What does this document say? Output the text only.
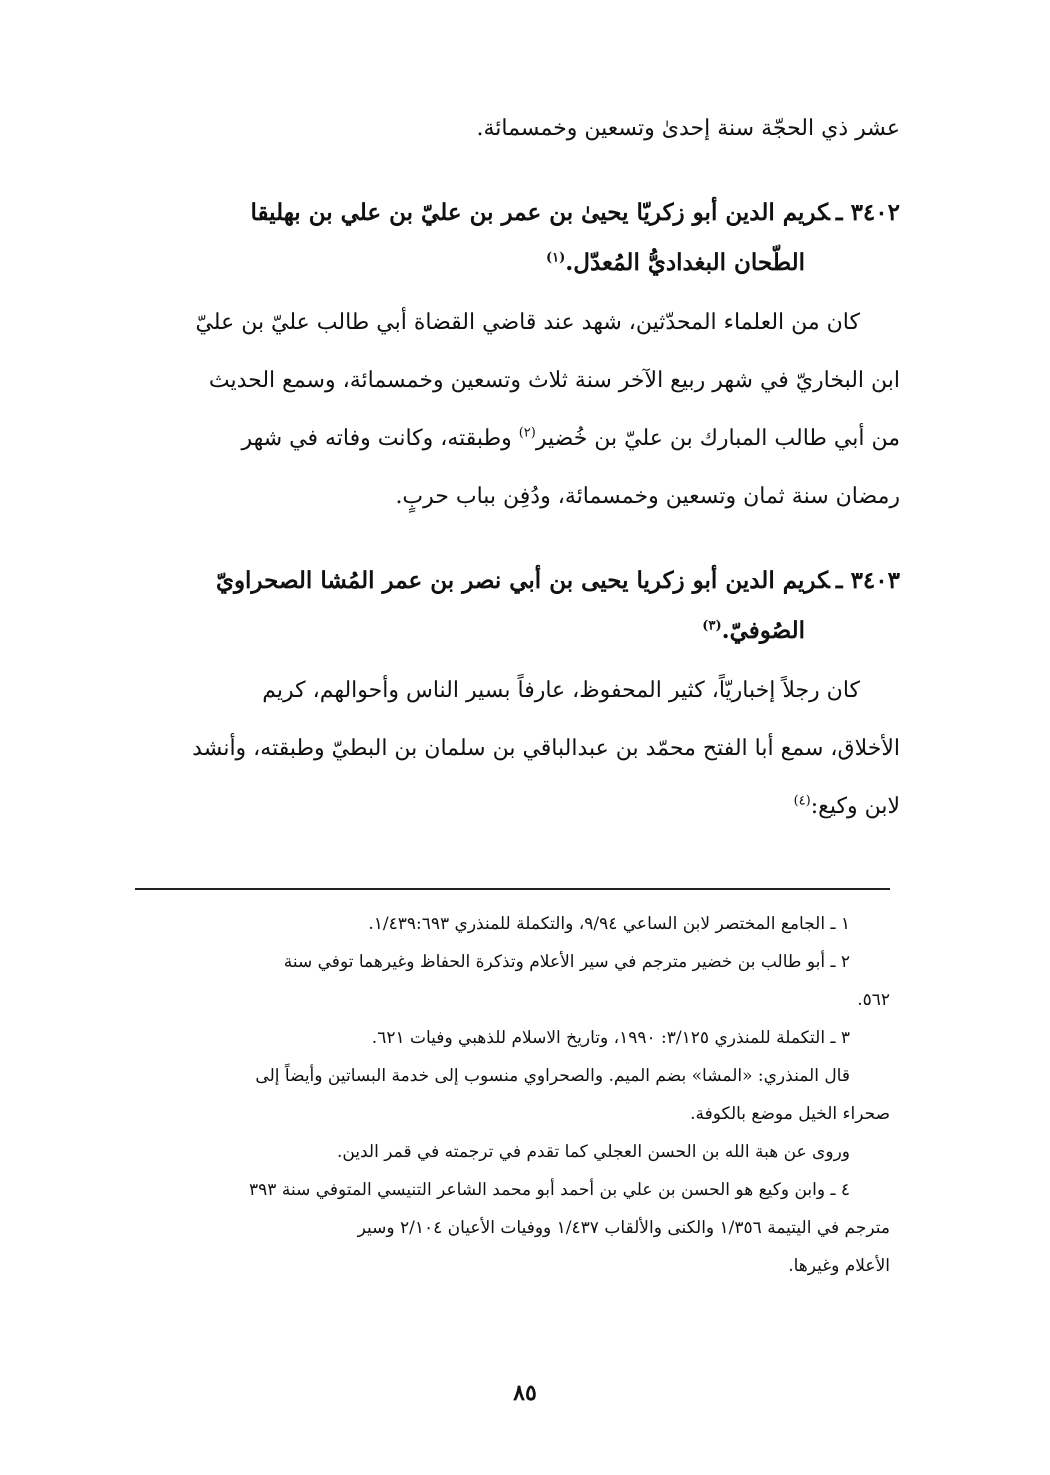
عشر ذي الحجّة سنة إحدىٰ وتسعين وخمسمائة.
٣٤٠٢ ـكريم الدين أبو زكريّا يحيىٰ بن عمر بن عليّ بن علي بن بهليقا
الطّحان البغداديُّ المُعدّل.$^{(١)}$
كان من العلماء المحدّثين، شهد عند قاضي القضاة أبي طالب عليّ بن عليّ
ابن البخاريّ في شهر ربيع الآخر سنة ثلاث وتسعين وخمسمائة، وسمع الحديث
من أبي طالب المبارك بن عليّ بن خُضير$^{(٢)}$ وطبقته، وكانت وفاته في شهر
رمضان سنة ثمان وتسعين وخمسمائة، ودُفِن بباب حربٍ.
٣٤٠٣ ـكريم الدين أبو زكريا يحيى بن أبي نصر بن عمر المُشا الصحراويّ
الصُوفيّ.$^{(٣)}$
كان رجلاً إخباريّاً، كثير المحفوظ، عارفاً بسير الناس وأحوالهم، كريم
الأخلاق، سمع أبا الفتح محمّد بن عبدالباقي بن سلمان بن البطيّ وطبقته، وأنشد
لابن وكيع:$^{(٤)}$
١ ـ الجامع المختصر لابن الساعي ٩/٩٤، والتكملة للمنذري ١/٤٣٩:٦٩٣.
٢ ـ أبو طالب بن خضير مترجم في سير الأعلام وتذكرة الحفاظ وغيرهما توفي سنة
٥٦٢.
٣ ـ التكملة للمنذري ٣/١٢٥: ١٩٩٠، وتاريخ الاسلام للذهبي وفيات ٦٢١.
قال المنذري: «المشا» بضم الميم. والصحراوي منسوب إلى خدمة البساتين وأيضاً إلى
صحراء الخيل موضع بالكوفة.
وروى عن هبة الله بن الحسن العجلي كما تقدم في ترجمته في قمر الدين.
٤ ـ وابن وكيع هو الحسن بن علي بن أحمد أبو محمد الشاعر التنيسي المتوفي سنة ٣٩٣
مترجم في اليتيمة ١/٣٥٦ والكنى والألقاب ١/٤٣٧ ووفيات الأعيان ٢/١٠٤ وسير
الأعلام وغيرها.
٨٥
